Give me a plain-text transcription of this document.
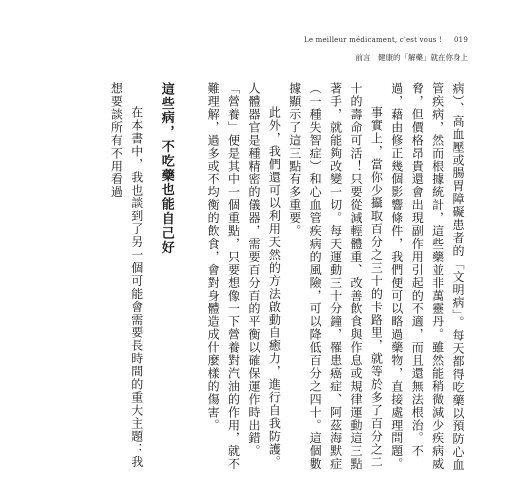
Le meilleur médicament, c'est vous ! 019
前言　健康的「解藥」就在你身上

病）、高血壓或腸胃障礙患者的「文明病」。每天都得吃藥以預防心血管疾病，然而根據統計，這些藥並非萬靈丹。雖然能稍微減少疾病威脅，但價格昂貴還會出現副作用引起的不適，而且還無法根治。不過，藉由修正幾個影響條件，我們便可以略過藥物，直接處理問題。

事實上，當你少攝取百分之三十的卡路里，就等於多了百分之二十的壽命可活！只要從減輕體重、改善飲食與作息或規律運動這三點著手，就能夠改變一切。每天運動三十分鐘，罹患癌症、阿茲海默症（一種失智症）和心血管疾病的風險，可以降低百分之四十。這個數據顯示了這三點有多重要。

此外，我們還可以利用天然的方法啟動自癒力，進行自我防護。人體器官是種精密的儀器，需要百分百的平衡以確保運作時出錯。「營養」便是其中一個重點，只要想像一下營養對汽油的作用，就不難理解，過多或不均衡的飲食，會對身體造成什麼樣的傷害。

這些病，不吃藥也能自己好

在本書中，我也談到了另一個可能會需要長時間的重大主題：我想要談所有不用看過
